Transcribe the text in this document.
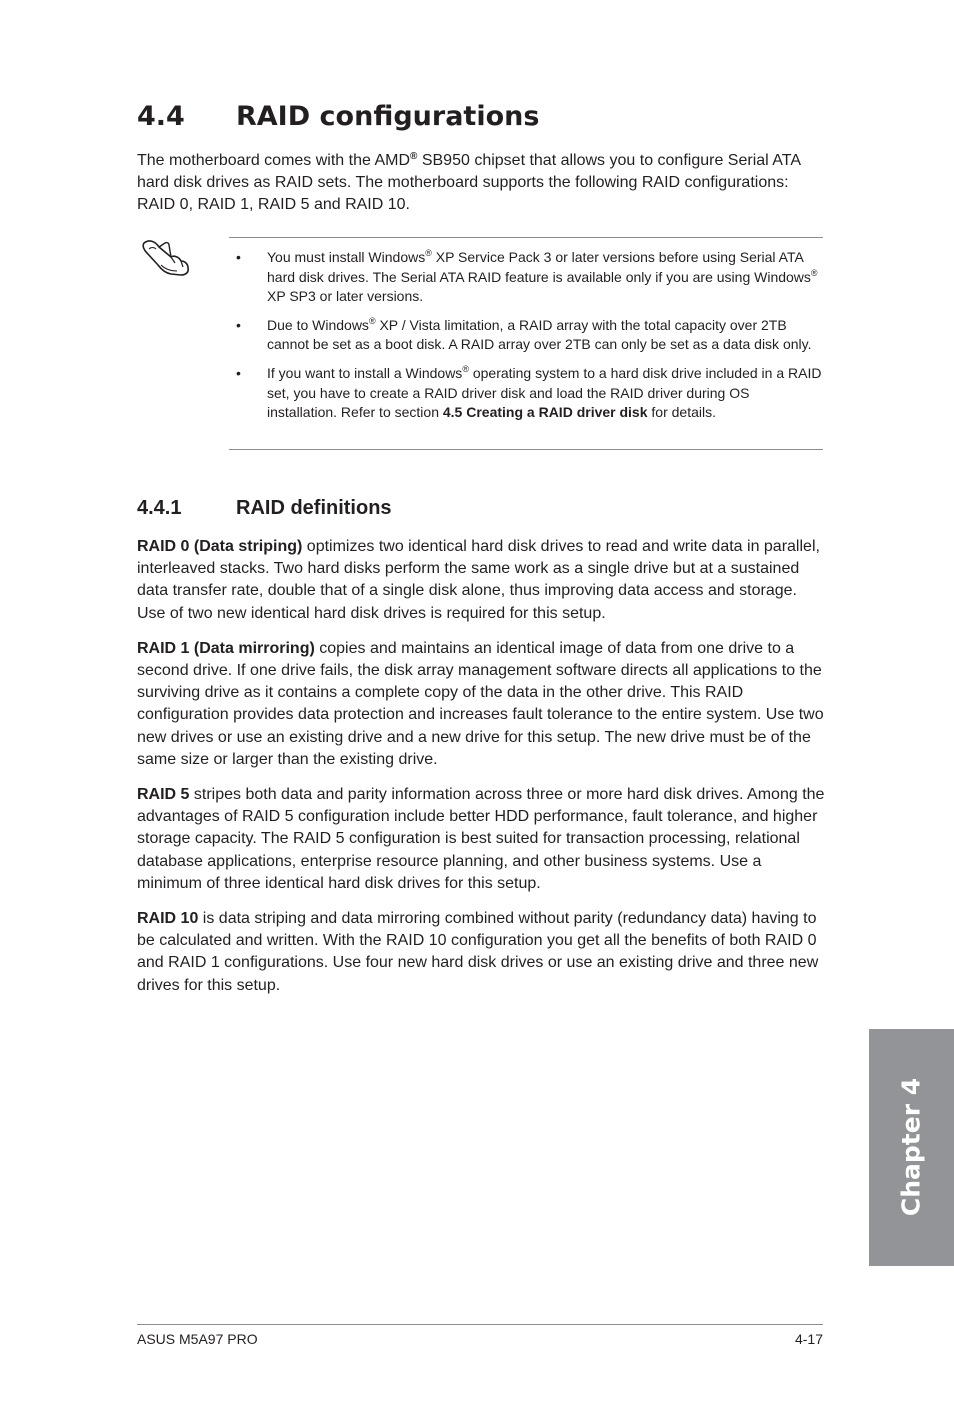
4.4 RAID configurations

The motherboard comes with the AMD® SB950 chipset that allows you to configure Serial ATA hard disk drives as RAID sets. The motherboard supports the following RAID configurations: RAID 0, RAID 1, RAID 5 and RAID 10.

• You must install Windows® XP Service Pack 3 or later versions before using Serial ATA hard disk drives. The Serial ATA RAID feature is available only if you are using Windows® XP SP3 or later versions.
• Due to Windows® XP / Vista limitation, a RAID array with the total capacity over 2TB cannot be set as a boot disk. A RAID array over 2TB can only be set as a data disk only.
• If you want to install a Windows® operating system to a hard disk drive included in a RAID set, you have to create a RAID driver disk and load the RAID driver during OS installation. Refer to section 4.5 Creating a RAID driver disk for details.
4.4.1	RAID definitions

RAID 0 (Data striping) optimizes two identical hard disk drives to read and write data in parallel, interleaved stacks. Two hard disks perform the same work as a single drive but at a sustained data transfer rate, double that of a single disk alone, thus improving data access and storage. Use of two new identical hard disk drives is required for this setup.

RAID 1 (Data mirroring) copies and maintains an identical image of data from one drive to a second drive. If one drive fails, the disk array management software directs all applications to the surviving drive as it contains a complete copy of the data in the other drive. This RAID configuration provides data protection and increases fault tolerance to the entire system. Use two new drives or use an existing drive and a new drive for this setup. The new drive must be of the same size or larger than the existing drive.

RAID 5 stripes both data and parity information across three or more hard disk drives. Among the advantages of RAID 5 configuration include better HDD performance, fault tolerance, and higher storage capacity. The RAID 5 configuration is best suited for transaction processing, relational database applications, enterprise resource planning, and other business systems. Use a minimum of three identical hard disk drives for this setup.

RAID 10 is data striping and data mirroring combined without parity (redundancy data) having to be calculated and written. With the RAID 10 configuration you get all the benefits of both RAID 0 and RAID 1 configurations. Use four new hard disk drives or use an existing drive and three new drives for this setup.

Chapter 4
ASUS M5A97 PRO	4-17
